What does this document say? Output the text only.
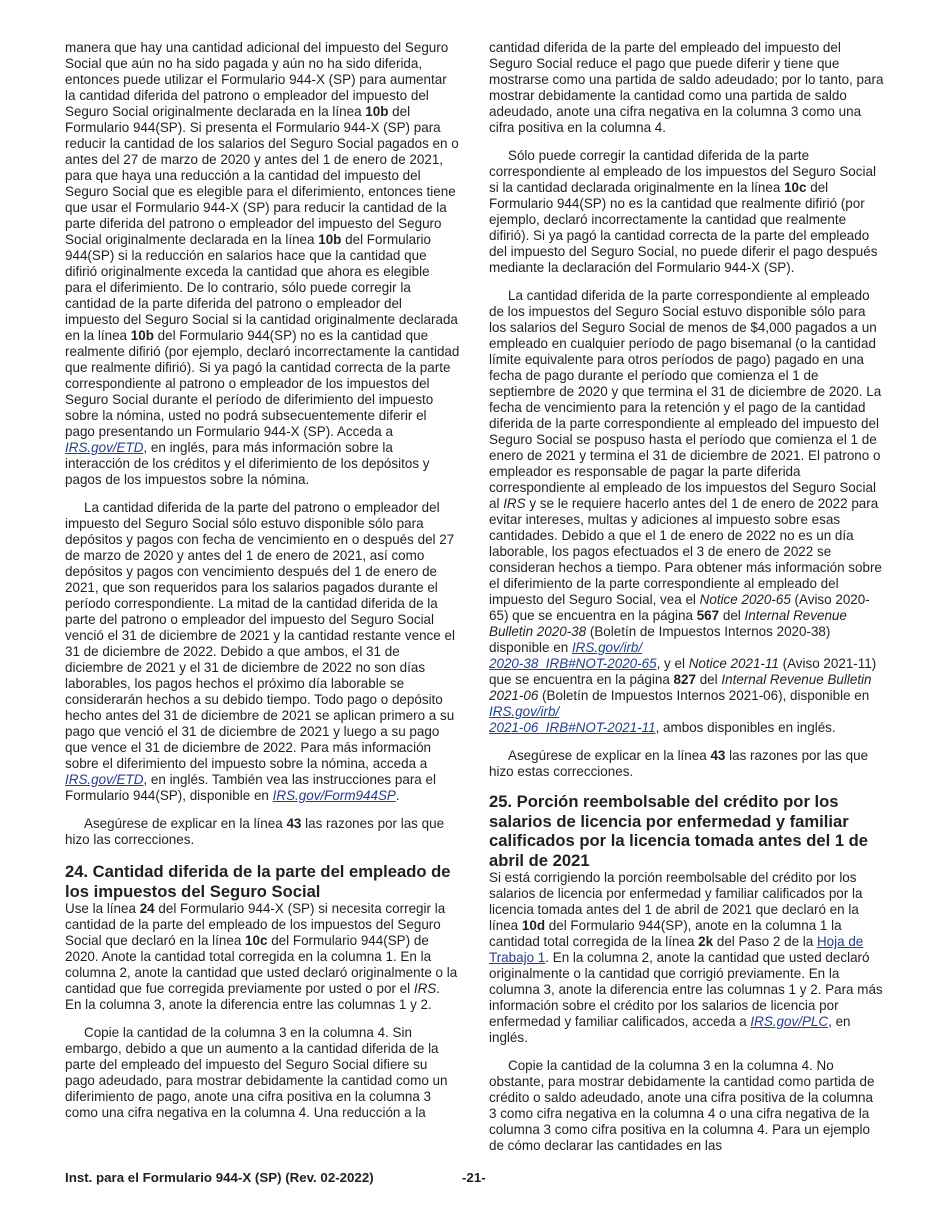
manera que hay una cantidad adicional del impuesto del Seguro Social que aún no ha sido pagada y aún no ha sido diferida, entonces puede utilizar el Formulario 944-X (SP) para aumentar la cantidad diferida del patrono o empleador del impuesto del Seguro Social originalmente declarada en la línea 10b del Formulario 944(SP). Si presenta el Formulario 944-X (SP) para reducir la cantidad de los salarios del Seguro Social pagados en o antes del 27 de marzo de 2020 y antes del 1 de enero de 2021, para que haya una reducción a la cantidad del impuesto del Seguro Social que es elegible para el diferimiento, entonces tiene que usar el Formulario 944-X (SP) para reducir la cantidad de la parte diferida del patrono o empleador del impuesto del Seguro Social originalmente declarada en la línea 10b del Formulario 944(SP) si la reducción en salarios hace que la cantidad que difirió originalmente exceda la cantidad que ahora es elegible para el diferimiento. De lo contrario, sólo puede corregir la cantidad de la parte diferida del patrono o empleador del impuesto del Seguro Social si la cantidad originalmente declarada en la línea 10b del Formulario 944(SP) no es la cantidad que realmente difirió (por ejemplo, declaró incorrectamente la cantidad que realmente difirió). Si ya pagó la cantidad correcta de la parte correspondiente al patrono o empleador de los impuestos del Seguro Social durante el período de diferimiento del impuesto sobre la nómina, usted no podrá subsecuentemente diferir el pago presentando un Formulario 944-X (SP). Acceda a IRS.gov/ETD, en inglés, para más información sobre la interacción de los créditos y el diferimiento de los depósitos y pagos de los impuestos sobre la nómina.

La cantidad diferida de la parte del patrono o empleador del impuesto del Seguro Social sólo estuvo disponible sólo para depósitos y pagos con fecha de vencimiento en o después del 27 de marzo de 2020 y antes del 1 de enero de 2021, así como depósitos y pagos con vencimiento después del 1 de enero de 2021, que son requeridos para los salarios pagados durante el período correspondiente. La mitad de la cantidad diferida de la parte del patrono o empleador del impuesto del Seguro Social venció el 31 de diciembre de 2021 y la cantidad restante vence el 31 de diciembre de 2022. Debido a que ambos, el 31 de diciembre de 2021 y el 31 de diciembre de 2022 no son días laborables, los pagos hechos el próximo día laborable se considerarán hechos a su debido tiempo. Todo pago o depósito hecho antes del 31 de diciembre de 2021 se aplican primero a su pago que venció el 31 de diciembre de 2021 y luego a su pago que vence el 31 de diciembre de 2022. Para más información sobre el diferimiento del impuesto sobre la nómina, acceda a IRS.gov/ETD, en inglés. También vea las instrucciones para el Formulario 944(SP), disponible en IRS.gov/Form944SP.

Asegúrese de explicar en la línea 43 las razones por las que hizo las correcciones.

24. Cantidad diferida de la parte del empleado de los impuestos del Seguro Social

Use la línea 24 del Formulario 944-X (SP) si necesita corregir la cantidad de la parte del empleado de los impuestos del Seguro Social que declaró en la línea 10c del Formulario 944(SP) de 2020. Anote la cantidad total corregida en la columna 1. En la columna 2, anote la cantidad que usted declaró originalmente o la cantidad que fue corregida previamente por usted o por el IRS. En la columna 3, anote la diferencia entre las columnas 1 y 2.

Copie la cantidad de la columna 3 en la columna 4. Sin embargo, debido a que un aumento a la cantidad diferida de la parte del empleado del impuesto del Seguro Social difiere su pago adeudado, para mostrar debidamente la cantidad como un diferimiento de pago, anote una cifra positiva en la columna 3 como una cifra negativa en la columna 4. Una reducción a la

cantidad diferida de la parte del empleado del impuesto del Seguro Social reduce el pago que puede diferir y tiene que mostrarse como una partida de saldo adeudado; por lo tanto, para mostrar debidamente la cantidad como una partida de saldo adeudado, anote una cifra negativa en la columna 3 como una cifra positiva en la columna 4.

Sólo puede corregir la cantidad diferida de la parte correspondiente al empleado de los impuestos del Seguro Social si la cantidad declarada originalmente en la línea 10c del Formulario 944(SP) no es la cantidad que realmente difirió (por ejemplo, declaró incorrectamente la cantidad que realmente difirió). Si ya pagó la cantidad correcta de la parte del empleado del impuesto del Seguro Social, no puede diferir el pago después mediante la declaración del Formulario 944-X (SP).

La cantidad diferida de la parte correspondiente al empleado de los impuestos del Seguro Social estuvo disponible sólo para los salarios del Seguro Social de menos de $4,000 pagados a un empleado en cualquier período de pago bisemanal (o la cantidad límite equivalente para otros períodos de pago) pagado en una fecha de pago durante el período que comienza el 1 de septiembre de 2020 y que termina el 31 de diciembre de 2020. La fecha de vencimiento para la retención y el pago de la cantidad diferida de la parte correspondiente al empleado del impuesto del Seguro Social se pospuso hasta el período que comienza el 1 de enero de 2021 y termina el 31 de diciembre de 2021. El patrono o empleador es responsable de pagar la parte diferida correspondiente al empleado de los impuestos del Seguro Social al IRS y se le requiere hacerlo antes del 1 de enero de 2022 para evitar intereses, multas y adiciones al impuesto sobre esas cantidades. Debido a que el 1 de enero de 2022 no es un día laborable, los pagos efectuados el 3 de enero de 2022 se consideran hechos a tiempo. Para obtener más información sobre el diferimiento de la parte correspondiente al empleado del impuesto del Seguro Social, vea el Notice 2020-65 (Aviso 2020-65) que se encuentra en la página 567 del Internal Revenue Bulletin 2020-38 (Boletín de Impuestos Internos 2020-38) disponible en IRS.gov/irb/
2020-38_IRB#NOT-2020-65, y el Notice 2021-11 (Aviso 2021-11) que se encuentra en la página 827 del Internal Revenue Bulletin 2021-06 (Boletín de Impuestos Internos 2021-06), disponible en IRS.gov/irb/
2021-06_IRB#NOT-2021-11, ambos disponibles en inglés.

Asegúrese de explicar en la línea 43 las razones por las que hizo estas correcciones.

25. Porción reembolsable del crédito por los salarios de licencia por enfermedad y familiar calificados por la licencia tomada antes del 1 de abril de 2021

Si está corrigiendo la porción reembolsable del crédito por los salarios de licencia por enfermedad y familiar calificados por la licencia tomada antes del 1 de abril de 2021 que declaró en la línea 10d del Formulario 944(SP), anote en la columna 1 la cantidad total corregida de la línea 2k del Paso 2 de la Hoja de Trabajo 1. En la columna 2, anote la cantidad que usted declaró originalmente o la cantidad que corrigió previamente. En la columna 3, anote la diferencia entre las columnas 1 y 2. Para más información sobre el crédito por los salarios de licencia por enfermedad y familiar calificados, acceda a IRS.gov/PLC, en inglés.

Copie la cantidad de la columna 3 en la columna 4. No obstante, para mostrar debidamente la cantidad como partida de crédito o saldo adeudado, anote una cifra positiva de la columna 3 como cifra negativa en la columna 4 o una cifra negativa de la columna 3 como cifra positiva en la columna 4. Para un ejemplo de cómo declarar las cantidades en las

Inst. para el Formulario 944-X (SP) (Rev. 02-2022)	-21-
